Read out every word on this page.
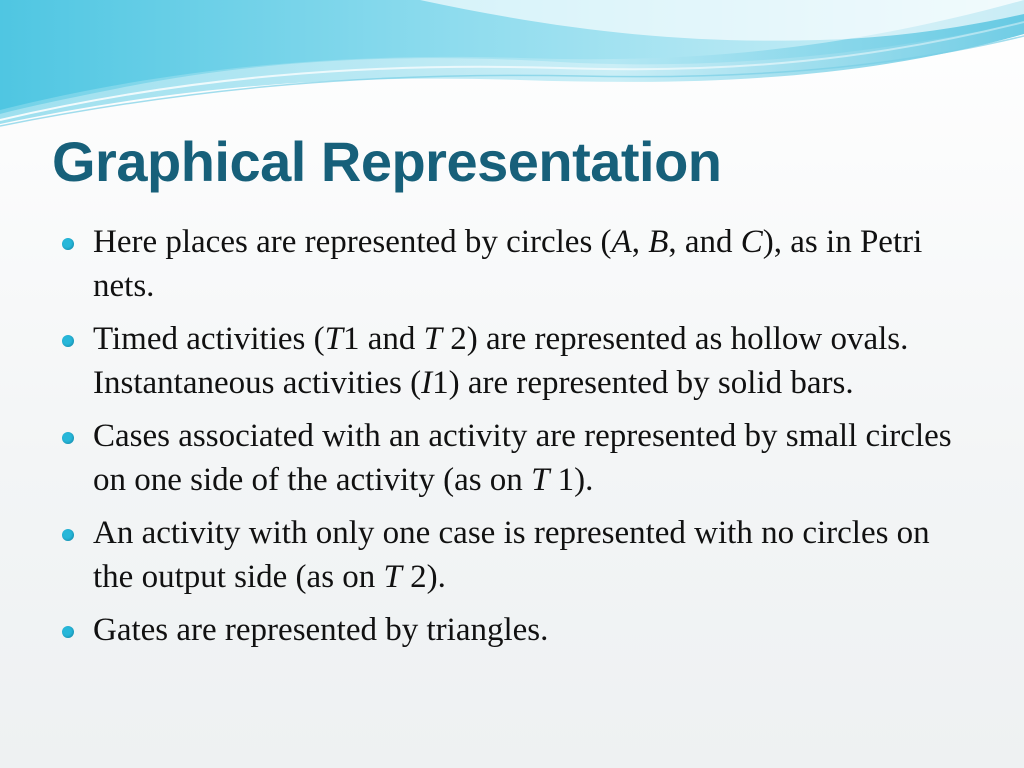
Graphical Representation
Here places are represented by circles (A, B, and C), as in Petri nets.
Timed activities (T1 and T 2) are represented as hollow ovals. Instantaneous activities (I1) are represented by solid bars.
Cases associated with an activity are represented by small circles on one side of the activity (as on T 1).
An activity with only one case is represented with no circles on the output side (as on T 2).
Gates are represented by triangles.
